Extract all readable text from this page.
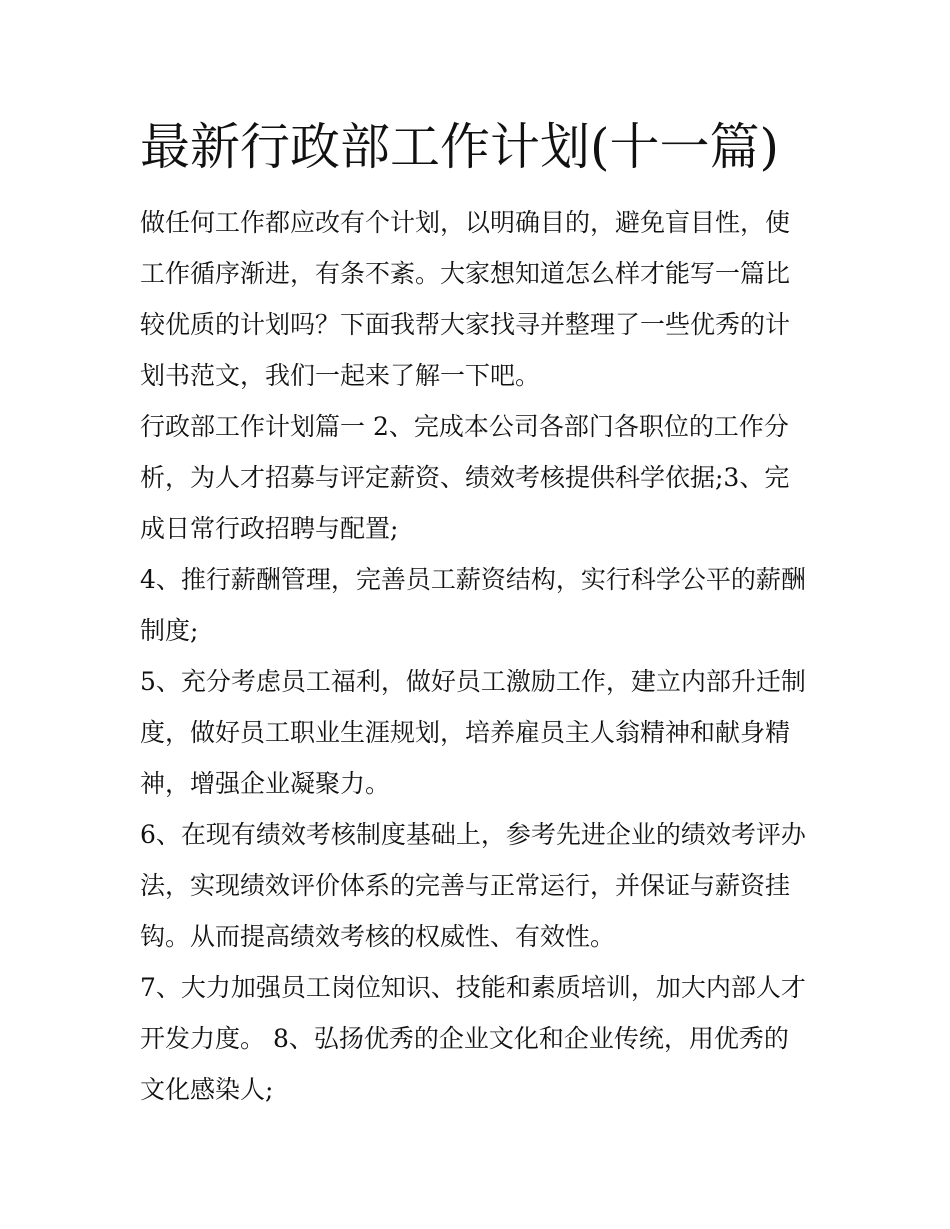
最新行政部工作计划(十一篇)

做任何工作都应改有个计划，以明确目的，避免盲目性，使工作循序渐进，有条不紊。大家想知道怎么样才能写一篇比较优质的计划吗？下面我帮大家找寻并整理了一些优秀的计划书范文，我们一起来了解一下吧。

行政部工作计划篇一 2、完成本公司各部门各职位的工作分析，为人才招募与评定薪资、绩效考核提供科学依据;3、完成日常行政招聘与配置;

4、推行薪酬管理，完善员工薪资结构，实行科学公平的薪酬制度;

5、充分考虑员工福利，做好员工激励工作，建立内部升迁制度，做好员工职业生涯规划，培养雇员主人翁精神和献身精神，增强企业凝聚力。

6、在现有绩效考核制度基础上，参考先进企业的绩效考评办法，实现绩效评价体系的完善与正常运行，并保证与薪资挂钩。从而提高绩效考核的权威性、有效性。

7、大力加强员工岗位知识、技能和素质培训，加大内部人才开发力度。 8、弘扬优秀的企业文化和企业传统，用优秀的文化感染人;
